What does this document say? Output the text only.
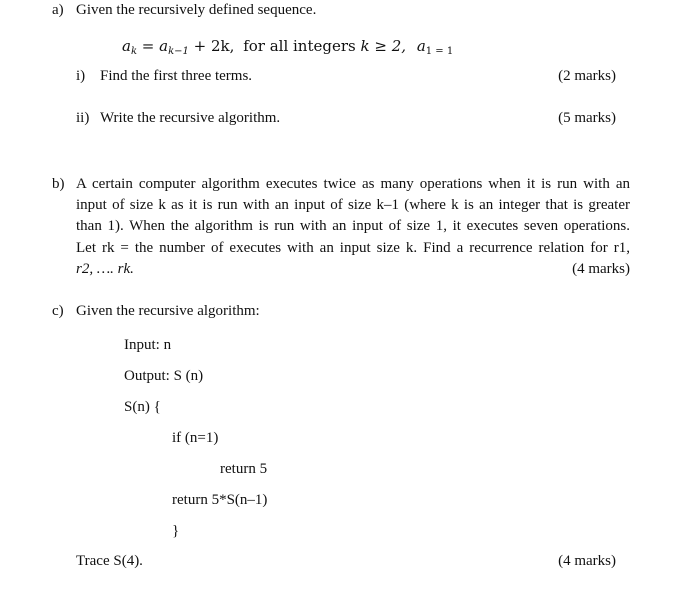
a) Given the recursively defined sequence.
$a_k = a_{k-1} + 2k$, for all integers k ≥ 2, $a_{1 = 1}$
i) Find the first three terms.	(2 marks)
ii) Write the recursive algorithm.	(5 marks)
b) A certain computer algorithm executes twice as many operations when it is run with an
input of size k as it is run with an input of size k–1 (where k is an integer that is greater
than 1). When the algorithm is run with an input of size 1, it executes seven operations.
Let rk = the number of executes with an input size k. Find a recurrence relation for r1,
r2, …. rk.	(4 marks)
c) Given the recursive algorithm:
Input: n
Output: S (n)
S(n) {
if (n=1)
return 5
return 5*S(n–1)
}
Trace S(4).	(4 marks)
